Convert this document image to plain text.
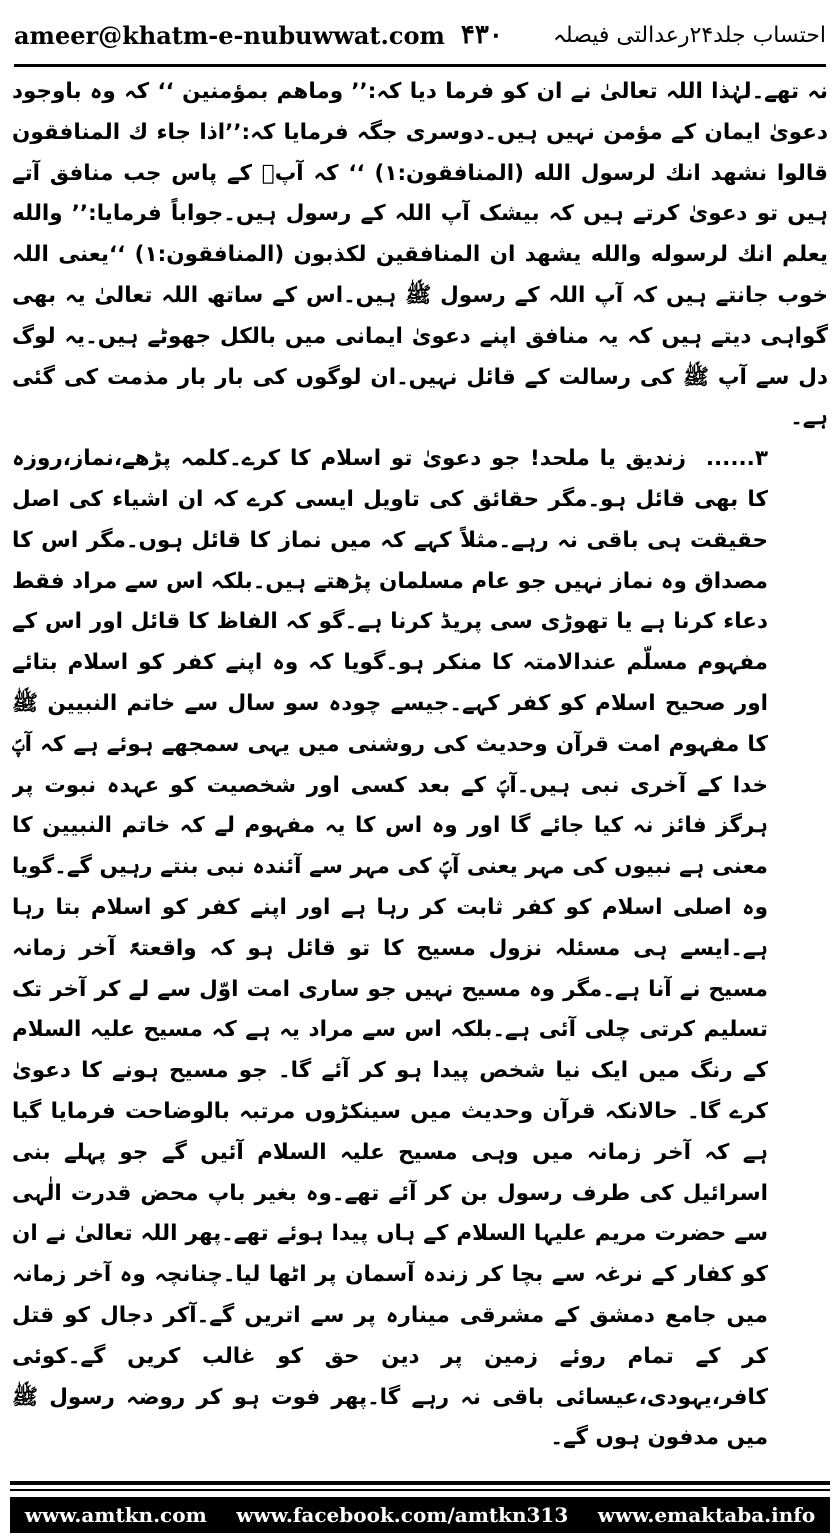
ameer@khatm-e-nubuwwat.com ۴۳۰ احتساب جلد۲۴رعدالتی فیصلہ

نہ تھے۔لہٰذا اللہ تعالیٰ نے ان کو فرما دیا کہ:’’ وماھم بمؤمنین ‘‘ کہ وہ باوجود دعویٰ ایمان کے مؤمن نہیں ہیں۔دوسری جگہ فرمایا کہ:’’اذا جاء ك المنافقون قالوا نشهد انك لرسول الله (المنافقون:۱) ‘‘ کہ آپؐ کے پاس جب منافق آتے ہیں تو دعویٰ کرتے ہیں کہ بیشک آپ اللہ کے رسول ہیں۔جواباً فرمایا:’’ والله يعلم انك لرسوله والله يشهد ان المنافقين لكذبون (المنافقون:۱) ‘‘یعنی اللہ خوب جانتے ہیں کہ آپ اللہ کے رسول ﷺ ہیں۔اس کے ساتھ اللہ تعالیٰ یہ بھی گواہی دیتے ہیں کہ یہ منافق اپنے دعویٰ ایمانی میں بالکل جھوٹے ہیں۔یہ لوگ دل سے آپ ﷺ کی رسالت کے قائل نہیں۔ان لوگوں کی بار بار مذمت کی گئی ہے۔

۳...... زندیق یا ملحد! جو دعویٰ تو اسلام کا کرے۔کلمہ پڑھے،نماز،روزہ کا بھی قائل ہو۔مگر حقائق کی تاویل ایسی کرے کہ ان اشیاء کی اصل حقیقت ہی باقی نہ رہے۔مثلاً کہے کہ میں نماز کا قائل ہوں۔مگر اس کا مصداق وہ نماز نہیں جو عام مسلمان پڑھتے ہیں۔بلکہ اس سے مراد فقط دعاء کرنا ہے یا تھوڑی سی پریڈ کرنا ہے۔گو کہ الفاظ کا قائل اور اس کے مفہوم مسلّم عندالامتہ کا منکر ہو۔گویا کہ وہ اپنے کفر کو اسلام بتائے اور صحیح اسلام کو کفر کہے۔جیسے چودہ سو سال سے خاتم النبیین ﷺ کا مفہوم امت قرآن وحدیث کی روشنی میں یہی سمجھے ہوئے ہے کہ آپؐ خدا کے آخری نبی ہیں۔آپؐ کے بعد کسی اور شخصیت کو عہدہ نبوت پر ہرگز فائز نہ کیا جائے گا اور وہ اس کا یہ مفہوم لے کہ خاتم النبیین کا معنی ہے نبیوں کی مہر یعنی آپؐ کی مہر سے آئندہ نبی بنتے رہیں گے۔گویا وہ اصلی اسلام کو کفر ثابت کر رہا ہے اور اپنے کفر کو اسلام بتا رہا ہے۔ایسے ہی مسئلہ نزول مسیح کا تو قائل ہو کہ واقعتہً آخر زمانہ مسیح نے آنا ہے۔مگر وہ مسیح نہیں جو ساری امت اوّل سے لے کر آخر تک تسلیم کرتی چلی آئی ہے۔بلکہ اس سے مراد یہ ہے کہ مسیح علیہ السلام کے رنگ میں ایک نیا شخص پیدا ہو کر آئے گا۔ جو مسیح ہونے کا دعویٰ کرے گا۔ حالانکہ قرآن وحدیث میں سینکڑوں مرتبہ بالوضاحت فرمایا گیا ہے کہ آخر زمانہ میں وہی مسیح علیہ السلام آئیں گے جو پہلے بنی اسرائیل کی طرف رسول بن کر آئے تھے۔وہ بغیر باپ محض قدرت الٰہی سے حضرت مریم علیہا السلام کے ہاں پیدا ہوئے تھے۔پھر اللہ تعالیٰ نے ان کو کفار کے نرغہ سے بچا کر زندہ آسمان پر اٹھا لیا۔چنانچہ وہ آخر زمانہ میں جامع دمشق کے مشرقی مینارہ پر سے اتریں گے۔آکر دجال کو قتل کر کے تمام روئے زمین پر دین حق کو غالب کریں گے۔کوئی کافر،یہودی،عیسائی باقی نہ رہے گا۔پھر فوت ہو کر روضہ رسول ﷺ میں مدفون ہوں گے۔

www.amtkn.com www.facebook.com/amtkn313 www.emaktaba.info
